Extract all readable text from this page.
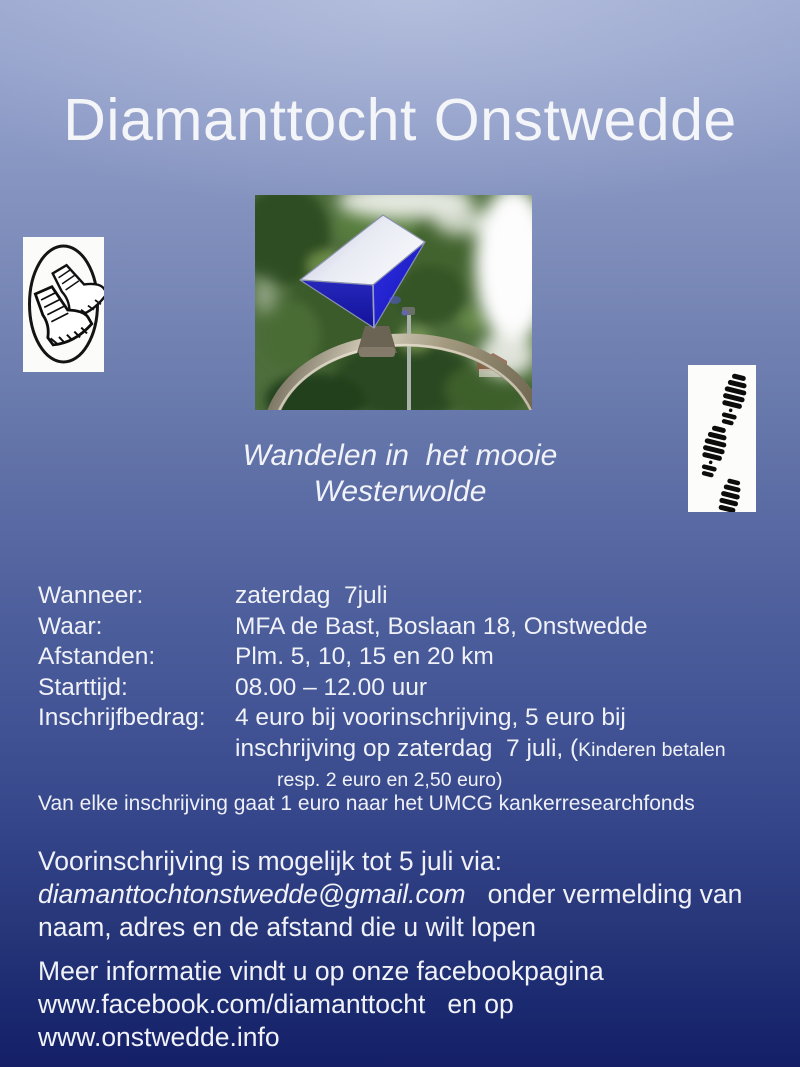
Diamanttocht Onstwedde
Wandelen in  het mooie
Westerwolde
Wanneer:	zaterdag  7juli
Waar:	MFA de Bast, Boslaan 18, Onstwedde
Afstanden:	Plm. 5, 10, 15 en 20 km
Starttijd:	08.00 – 12.00 uur
Inschrijfbedrag:	4 euro bij voorinschrijving, 5 euro bij
inschrijving op zaterdag  7 juli, (Kinderen betalen
resp. 2 euro en 2,50 euro)
Van elke inschrijving gaat 1 euro naar het UMCG kankerresearchfonds
Voorinschrijving is mogelijk tot 5 juli via:
diamanttochtonstwedde@gmail.com onder vermelding van
naam, adres en de afstand die u wilt lopen
Meer informatie vindt u op onze facebookpagina
www.facebook.com/diamanttocht en op
www.onstwedde.info
